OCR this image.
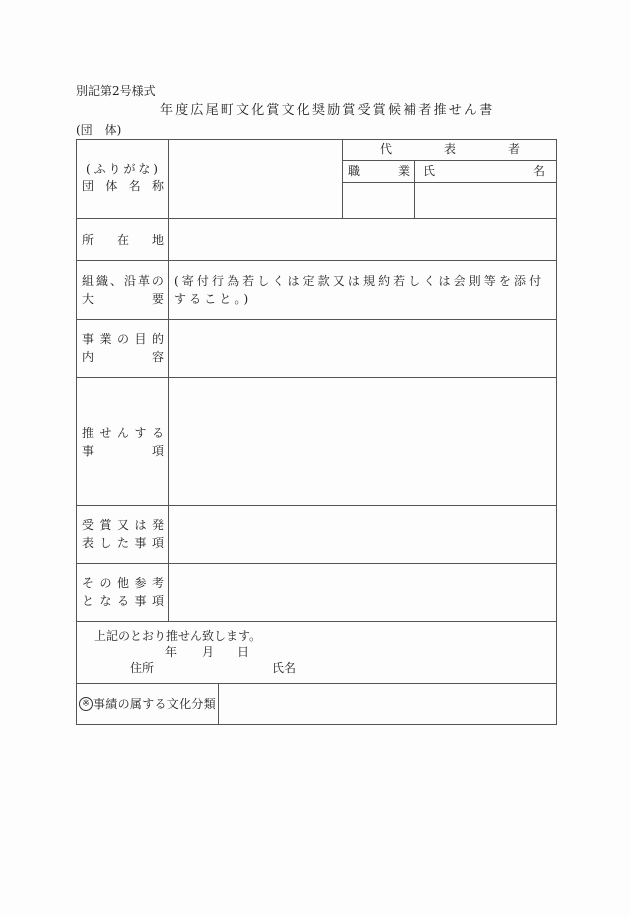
別記第2号様式
年度広尾町文化賞文化奨励賞受賞候補者推せん書
(団　体)
( ふ り が な )
団 体 名 称
代	表	者
職	業 氏	名
所 在 地
組 織 、 沿 革 の
大	要
(寄付行為若しくは定款又は規約若しくは会則等を添付すること。)
事 業 の 目 的
内	容
推 せ ん す る
事	項
受 賞 又 は 発
表 し た 事 項
そ の 他 参 考
と な る 事 項
上記のとおり推せん致します。
年 月 日
住所	氏名
※ 事績の属する文化分類
